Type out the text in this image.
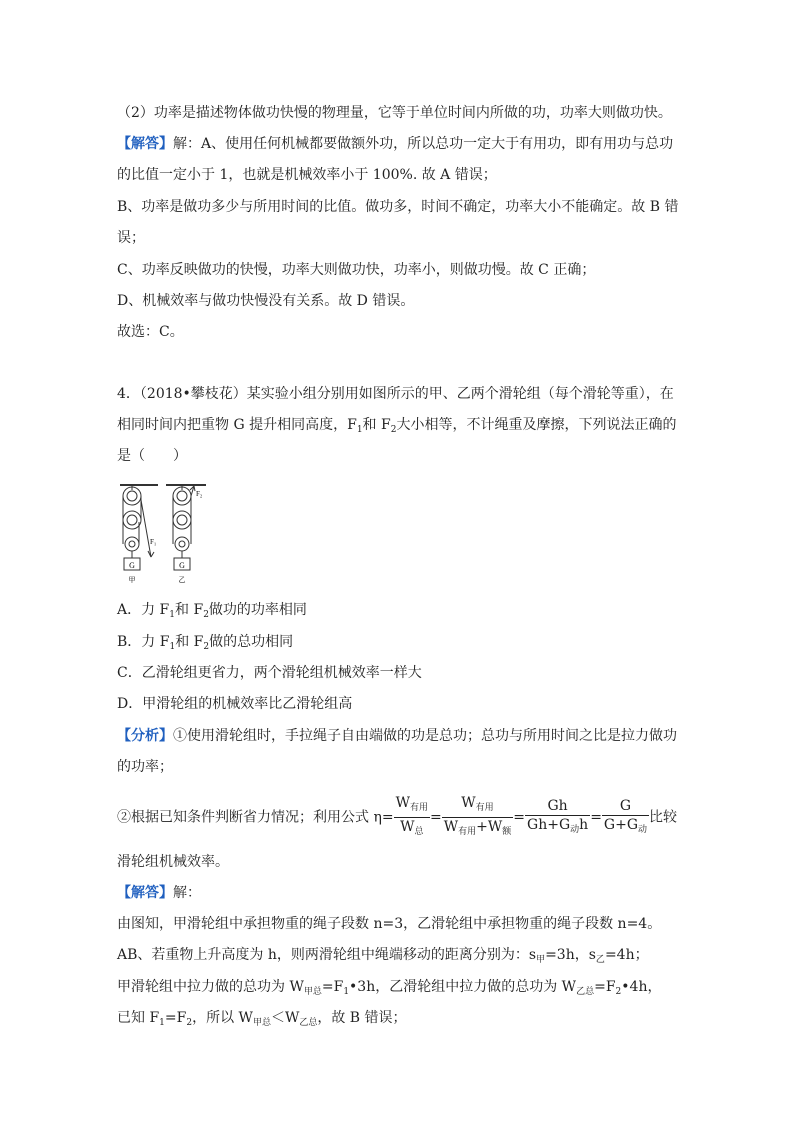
（2）功率是描述物体做功快慢的物理量，它等于单位时间内所做的功，功率大则做功快。
【解答】解：A、使用任何机械都要做额外功，所以总功一定大于有用功，即有用功与总功
的比值一定小于 1，也就是机械效率小于 100%. 故 A 错误；
B、功率是做功多少与所用时间的比值。做功多，时间不确定，功率大小不能确定。故 B 错
误；
C、功率反映做功的快慢，功率大则做功快，功率小，则做功慢。故 C 正确；
D、机械效率与做功快慢没有关系。故 D 错误。
故选：C。
4．（2018•攀枝花）某实验小组分别用如图所示的甲、乙两个滑轮组（每个滑轮等重），在
相同时间内把重物 G 提升相同高度，$F_1$和 $F_2$大小相等，不计绳重及摩擦，下列说法正确的
是（　　）
G	G
F₁
F₂
甲	乙
A．力 $F_1$和 $F_2$做功的功率相同
B．力 $F_1$和 $F_2$做的总功相同
C．乙滑轮组更省力，两个滑轮组机械效率一样大
D．甲滑轮组的机械效率比乙滑轮组高
【分析】①使用滑轮组时，手拉绳子自由端做的功是总功；总功与所用时间之比是拉力做功
的功率；
②根据已知条件判断省力情况；利用公式 $\eta= \frac{W_{有用}}{W_总} = \frac{W_{有用}}{W_{有用}+W_额} = \frac{Gh}{Gh+G_动h} = \frac{G}{G+G_动}$ 比较
滑轮组机械效率。
【解答】解：
由图知，甲滑轮组中承担物重的绳子段数 n=3，乙滑轮组中承担物重的绳子段数 n=4。
AB、若重物上升高度为 h，则两滑轮组中绳端移动的距离分别为：$s_甲=3h$，$s_乙=4h$；
甲滑轮组中拉力做的总功为 $W_{甲总}=F_1•3h$，乙滑轮组中拉力做的总功为 $W_{乙总}=F_2•4h$，
已知 $F_1=F_2$，所以 $W_{甲总}<W_{乙总}$，故 B 错误；
